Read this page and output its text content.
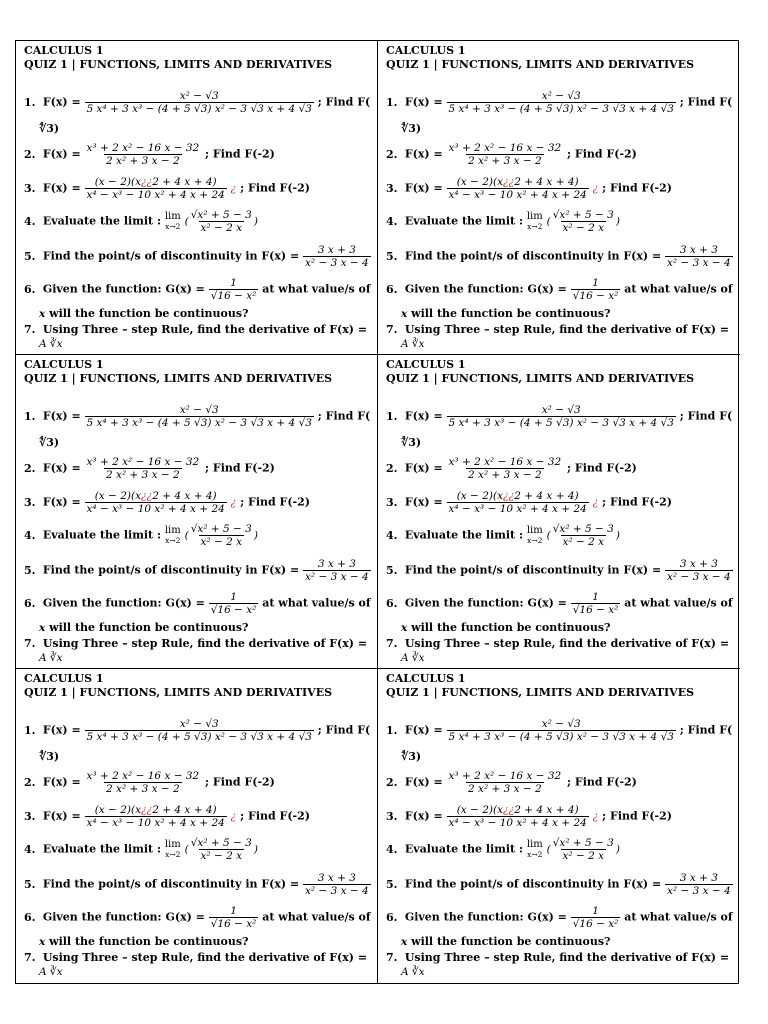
CALCULUS 1
QUIZ 1 | FUNCTIONS, LIMITS AND DERIVATIVES
1. $F(x) = \frac{\text{x² − √3}}{\text{5 x⁴ + 3 x³ − (4 + 5 √3) x² − 3 √3 x + 4 √3}}$ ; Find F(
∜3)
2. $F(x) = \frac{\text{x³ + 2 x² − 16 x − 32}}{\text{2 x² + 3 x − 2}}$ ; Find F(-2)
3. $F(x) = \frac{(x - 2)(x¿¿2 + 4 x + 4)}{\text{x⁴ − x³ − 10 x² + 4 x + 24}}$ ¿ ; Find F(-2)
4. Evaluate the limit : lim
x→2 ( $\frac{\text{√x² + 5 − 3}}{\text{x² − 2 x}}$ )
5. Find the point/s of discontinuity in $F(x) = \frac{3 x + 3}{\text{x² − 3 x − 4}}$
6. Given the function: $G(x) = \frac{1}{\text{√16 − x²}}$ at what value/s of
x will the function be continuous?
7. Using Three – step Rule, find the derivative of F(x) =
A ∛x
CALCULUS 1
QUIZ 1 | FUNCTIONS, LIMITS AND DERIVATIVES
1. $F(x) = \frac{\text{x² − √3}}{\text{5 x⁴ + 3 x³ − (4 + 5 √3) x² − 3 √3 x + 4 √3}}$ ; Find F(
∜3)
2. $F(x) = \frac{\text{x³ + 2 x² − 16 x − 32}}{\text{2 x² + 3 x − 2}}$ ; Find F(-2)
3. $F(x) = \frac{(x - 2)(x¿¿2 + 4 x + 4)}{\text{x⁴ − x³ − 10 x² + 4 x + 24}}$ ¿ ; Find F(-2)
4. Evaluate the limit : lim
x→2 ( $\frac{\text{√x² + 5 − 3}}{\text{x² − 2 x}}$ )
5. Find the point/s of discontinuity in $F(x) = \frac{3 x + 3}{\text{x² − 3 x − 4}}$
6. Given the function: $G(x) = \frac{1}{\text{√16 − x²}}$ at what value/s of
x will the function be continuous?
7. Using Three – step Rule, find the derivative of F(x) =
A ∛x
CALCULUS 1
QUIZ 1 | FUNCTIONS, LIMITS AND DERIVATIVES
1. $F(x) = \frac{\text{x² − √3}}{\text{5 x⁴ + 3 x³ − (4 + 5 √3) x² − 3 √3 x + 4 √3}}$ ; Find F(
∜3)
2. $F(x) = \frac{\text{x³ + 2 x² − 16 x − 32}}{\text{2 x² + 3 x − 2}}$ ; Find F(-2)
3. $F(x) = \frac{(x - 2)(x¿¿2 + 4 x + 4)}{\text{x⁴ − x³ − 10 x² + 4 x + 24}}$ ¿ ; Find F(-2)
4. Evaluate the limit : lim
x→2 ( $\frac{\text{√x² + 5 − 3}}{\text{x² − 2 x}}$ )
5. Find the point/s of discontinuity in $F(x) = \frac{3 x + 3}{\text{x² − 3 x − 4}}$
6. Given the function: $G(x) = \frac{1}{\text{√16 − x²}}$ at what value/s of
x will the function be continuous?
7. Using Three – step Rule, find the derivative of F(x) =
A ∛x
CALCULUS 1
QUIZ 1 | FUNCTIONS, LIMITS AND DERIVATIVES
1. $F(x) = \frac{\text{x² − √3}}{\text{5 x⁴ + 3 x³ − (4 + 5 √3) x² − 3 √3 x + 4 √3}}$ ; Find F(
∜3)
2. $F(x) = \frac{\text{x³ + 2 x² − 16 x − 32}}{\text{2 x² + 3 x − 2}}$ ; Find F(-2)
3. $F(x) = \frac{(x - 2)(x¿¿2 + 4 x + 4)}{\text{x⁴ − x³ − 10 x² + 4 x + 24}}$ ¿ ; Find F(-2)
4. Evaluate the limit : lim
x→2 ( $\frac{\text{√x² + 5 − 3}}{\text{x² − 2 x}}$ )
5. Find the point/s of discontinuity in $F(x) = \frac{3 x + 3}{\text{x² − 3 x − 4}}$
6. Given the function: $G(x) = \frac{1}{\text{√16 − x²}}$ at what value/s of
x will the function be continuous?
7. Using Three – step Rule, find the derivative of F(x) =
A ∛x
CALCULUS 1
QUIZ 1 | FUNCTIONS, LIMITS AND DERIVATIVES
1. $F(x) = \frac{\text{x² − √3}}{\text{5 x⁴ + 3 x³ − (4 + 5 √3) x² − 3 √3 x + 4 √3}}$ ; Find F(
∜3)
2. $F(x) = \frac{\text{x³ + 2 x² − 16 x − 32}}{\text{2 x² + 3 x − 2}}$ ; Find F(-2)
3. $F(x) = \frac{(x - 2)(x¿¿2 + 4 x + 4)}{\text{x⁴ − x³ − 10 x² + 4 x + 24}}$ ¿ ; Find F(-2)
4. Evaluate the limit : lim
x→2 ( $\frac{\text{√x² + 5 − 3}}{\text{x² − 2 x}}$ )
5. Find the point/s of discontinuity in $F(x) = \frac{3 x + 3}{\text{x² − 3 x − 4}}$
6. Given the function: $G(x) = \frac{1}{\text{√16 − x²}}$ at what value/s of
x will the function be continuous?
7. Using Three – step Rule, find the derivative of F(x) =
A ∛x
CALCULUS 1
QUIZ 1 | FUNCTIONS, LIMITS AND DERIVATIVES
1. $F(x) = \frac{\text{x² − √3}}{\text{5 x⁴ + 3 x³ − (4 + 5 √3) x² − 3 √3 x + 4 √3}}$ ; Find F(
∜3)
2. $F(x) = \frac{\text{x³ + 2 x² − 16 x − 32}}{\text{2 x² + 3 x − 2}}$ ; Find F(-2)
3. $F(x) = \frac{(x - 2)(x¿¿2 + 4 x + 4)}{\text{x⁴ − x³ − 10 x² + 4 x + 24}}$ ¿ ; Find F(-2)
4. Evaluate the limit : lim
x→2 ( $\frac{\text{√x² + 5 − 3}}{\text{x² − 2 x}}$ )
5. Find the point/s of discontinuity in $F(x) = \frac{3 x + 3}{\text{x² − 3 x − 4}}$
6. Given the function: $G(x) = \frac{1}{\text{√16 − x²}}$ at what value/s of
x will the function be continuous?
7. Using Three – step Rule, find the derivative of F(x) =
A ∛x
